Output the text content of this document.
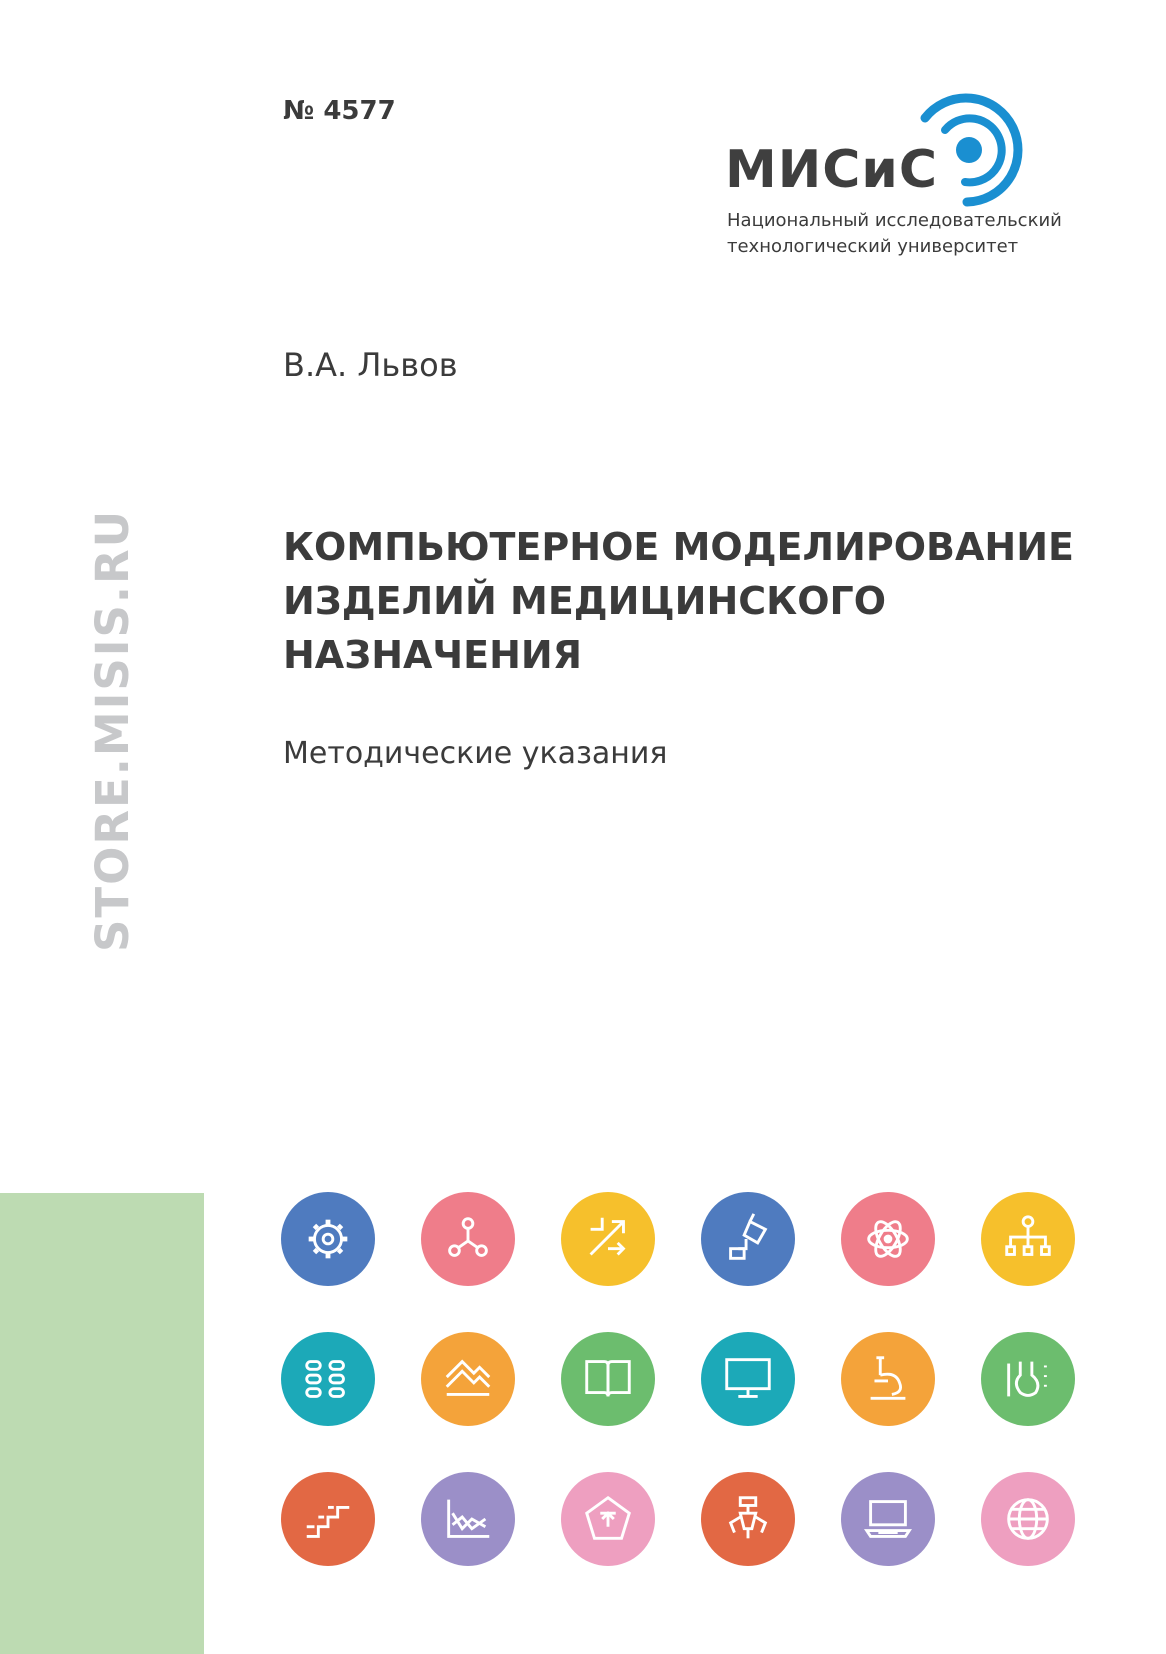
STORE.MISIS.RU
№ 4577
МИСиС
Национальный исследовательский
технологический университет
В.А. Львов
КОМПЬЮТЕРНОЕ МОДЕЛИРОВАНИЕ
ИЗДЕЛИЙ МЕДИЦИНСКОГО
НАЗНАЧЕНИЯ
Методические указания
